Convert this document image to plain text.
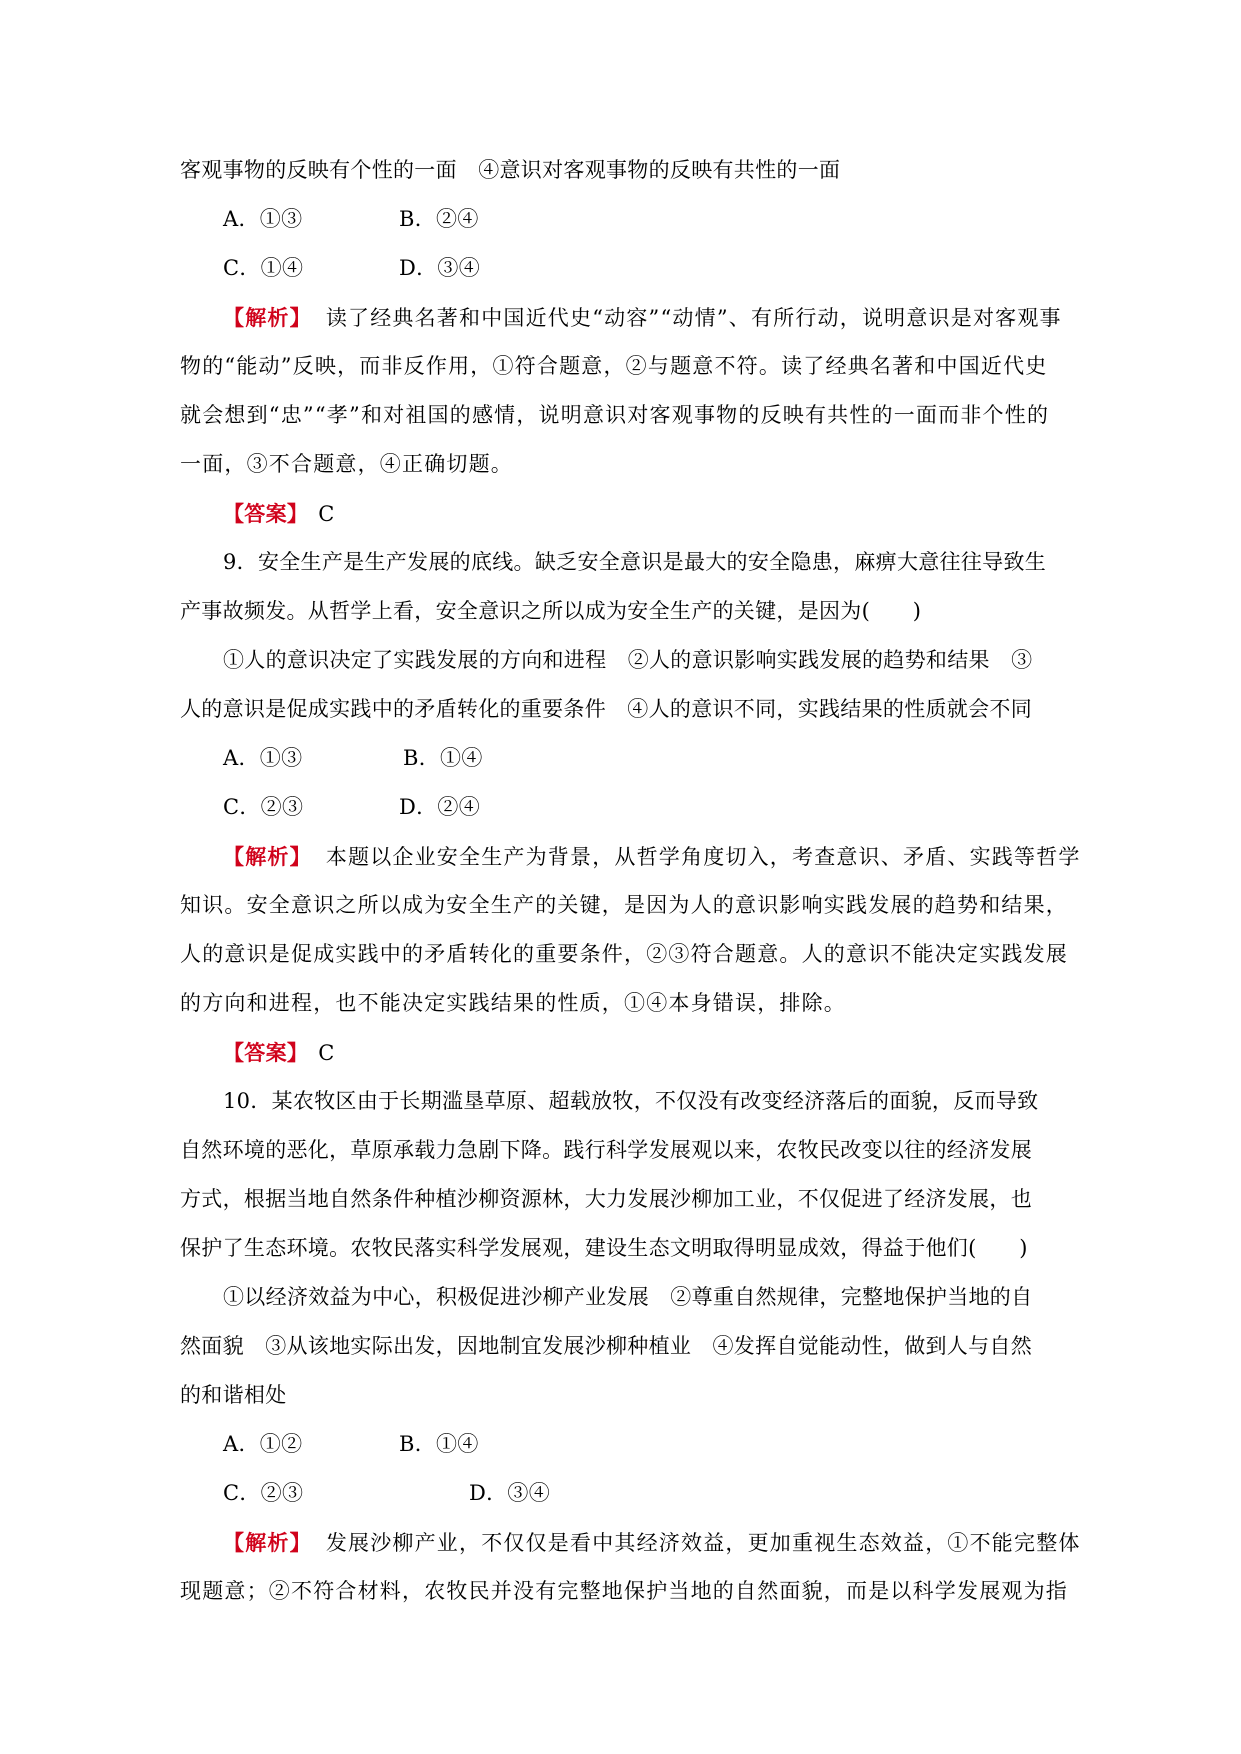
客观事物的反映有个性的一面　④意识对客观事物的反映有共性的一面
A．①③	B．②④
C．①④	D．③④
【解析】 读了经典名著和中国近代史“动容”“动情”、有所行动，说明意识是对客观事
物的“能动”反映，而非反作用，①符合题意，②与题意不符。读了经典名著和中国近代史
就会想到“忠”“孝”和对祖国的感情，说明意识对客观事物的反映有共性的一面而非个性的
一面，③不合题意，④正确切题。
【答案】 C
9．安全生产是生产发展的底线。缺乏安全意识是最大的安全隐患，麻痹大意往往导致生
产事故频发。从哲学上看，安全意识之所以成为安全生产的关键，是因为(　　)
①人的意识决定了实践发展的方向和进程　②人的意识影响实践发展的趋势和结果　③
人的意识是促成实践中的矛盾转化的重要条件　④人的意识不同，实践结果的性质就会不同
A．①③	B．①④
C．②③	D．②④
【解析】 本题以企业安全生产为背景，从哲学角度切入，考查意识、矛盾、实践等哲学
知识。安全意识之所以成为安全生产的关键，是因为人的意识影响实践发展的趋势和结果，
人的意识是促成实践中的矛盾转化的重要条件，②③符合题意。人的意识不能决定实践发展
的方向和进程，也不能决定实践结果的性质，①④本身错误，排除。
【答案】 C
10．某农牧区由于长期滥垦草原、超载放牧，不仅没有改变经济落后的面貌，反而导致
自然环境的恶化，草原承载力急剧下降。践行科学发展观以来，农牧民改变以往的经济发展
方式，根据当地自然条件种植沙柳资源林，大力发展沙柳加工业，不仅促进了经济发展，也
保护了生态环境。农牧民落实科学发展观，建设生态文明取得明显成效，得益于他们(　　)
①以经济效益为中心，积极促进沙柳产业发展　②尊重自然规律，完整地保护当地的自
然面貌　③从该地实际出发，因地制宜发展沙柳种植业　④发挥自觉能动性，做到人与自然
的和谐相处
A．①②	B．①④
C．②③	D．③④
【解析】 发展沙柳产业，不仅仅是看中其经济效益，更加重视生态效益，①不能完整体
现题意；②不符合材料，农牧民并没有完整地保护当地的自然面貌，而是以科学发展观为指
